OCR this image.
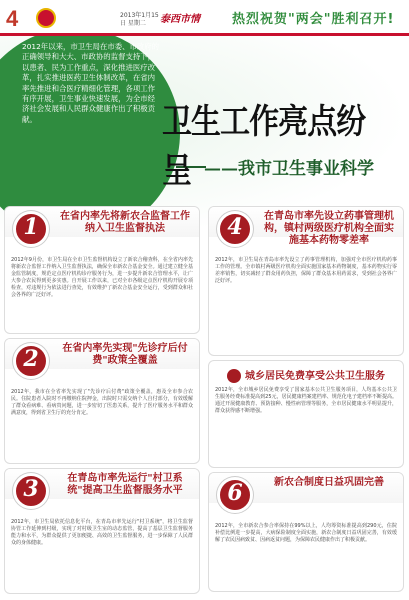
4	2013年1月15日 星期二	泰西市情 热烈祝贺"两会"胜利召开!
2012年以来，市卫生局在市委、市政府的正确领导和大大、市政协的监督支持下，以患者、民为工作重点，深化推进医疗改革，扎实推进医药卫生体制改革，在省内率先推进和合医疗精细化管理，各项工作有序开展，卫生事业快速发展，为全市经济社会发展和人民群众健康作出了积极贡献。	卫生工作亮点纷呈 ——我市卫生事业科学
1	在省内率先将新农合监督工作纳入卫生监督执法
2012年9月份，市卫生局在全市卫生监督机构设立了新农合稽查科，在全省内率先将新农合监督工作纳入卫生监督执法，确保全市新农合基金安全。通过建立健全基金监管制度，规范定点医疗机构诊疗服务行为，进一步提升新农合管理水平，让广大参合农民得到更多实惠。自开展工作以来，已对全市各级定点医疗机构开展专项检查，对违规行为依法进行查处，有效维护了新农合基金安全运行，受到群众和社会各界的广泛好评。
2	在省内率先实现"先诊疗后付费"政策全覆盖
2012年，我市在全省率先实现了"先诊疗后付费"政策全覆盖，惠及全市参合农民。住院患者入院时不再缴纳住院押金，出院时只需交纳个人自付部分，有效缓解了群众看病难、看病贵问题，进一步密切了医患关系，提升了医疗服务水平和群众满意度，得到省卫生厅的充分肯定。
3	在青岛市率先运行"村卫系统"提高卫生监督服务水平
2012年，市卫生局依托信息化平台，在青岛市率先运行"村卫系统"，将卫生监督协管工作延伸到村级，实现了对村级卫生室的动态监管，提高了基层卫生监督服务能力和水平，为群众提供了更加便捷、高效的卫生监督服务，进一步保障了人民群众的身体健康。
4	在青岛市率先设立药事管理机构，镇村两级医疗机构全面实施基本药物零差率
2012年，市卫生局在青岛市率先设立了药事管理机构，加强对全市医疗机构药事工作的管理。全市镇村两级医疗机构全面实施国家基本药物制度，基本药物实行零差率销售，切实减轻了群众用药负担，保障了群众基本用药需求，受到社会各界广泛好评。
城乡居民免费享受公共卫生服务
2012年，全市城乡居民免费享受了国家基本公共卫生服务项目，人均基本公共卫生服务经费标准提高到25元，居民健康档案建档率、规范化电子建档率不断提高。通过开展健康教育、预防接种、慢性病管理等服务，全市居民健康水平明显提升，群众获得感不断增强。
6	新农合制度日益巩固完善
2012年，全市新农合参合率保持在99%以上，人均筹资标准提高到290元，住院补偿比例进一步提高，大病保险制度全面实施，新农合制度日益巩固完善，有效缓解了农民因病致贫、因病返贫问题，为保障农民健康作出了积极贡献。
